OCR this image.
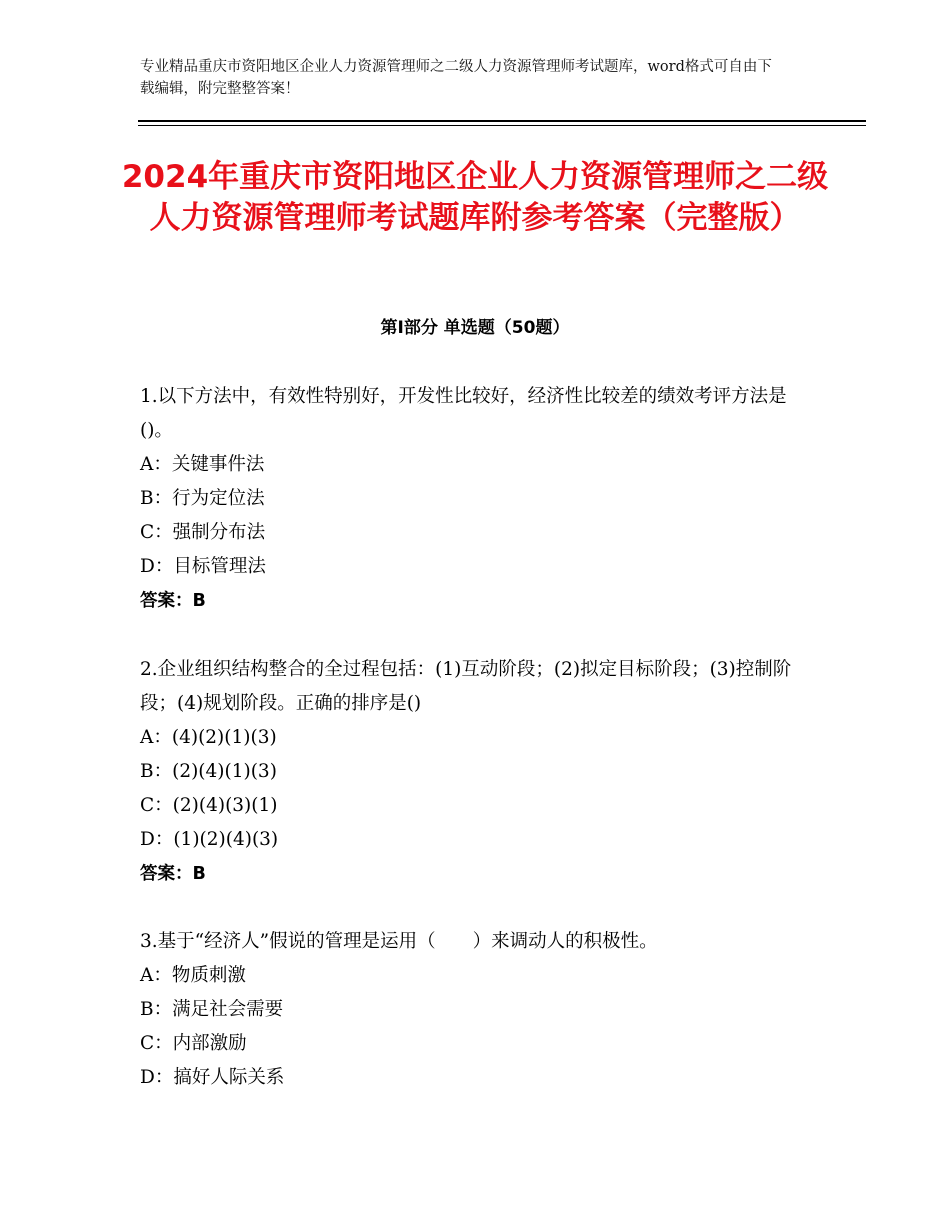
专业精品重庆市资阳地区企业人力资源管理师之二级人力资源管理师考试题库，word格式可自由下载编辑，附完整整答案！
2024年重庆市资阳地区企业人力资源管理师之二级人力资源管理师考试题库附参考答案（完整版）
第Ⅰ部分 单选题（50题）

1.以下方法中，有效性特别好，开发性比较好，经济性比较差的绩效考评方法是()。

A：关键事件法

B：行为定位法

C：强制分布法

D：目标管理法

答案：B

2.企业组织结构整合的全过程包括：(1)互动阶段；(2)拟定目标阶段；(3)控制阶段；(4)规划阶段。正确的排序是()

A：(4)(2)(1)(3)

B：(2)(4)(1)(3)

C：(2)(4)(3)(1)

D：(1)(2)(4)(3)

答案：B

3.基于“经济人”假说的管理是运用（　　）来调动人的积极性。

A：物质刺激

B：满足社会需要

C：内部激励

D：搞好人际关系
